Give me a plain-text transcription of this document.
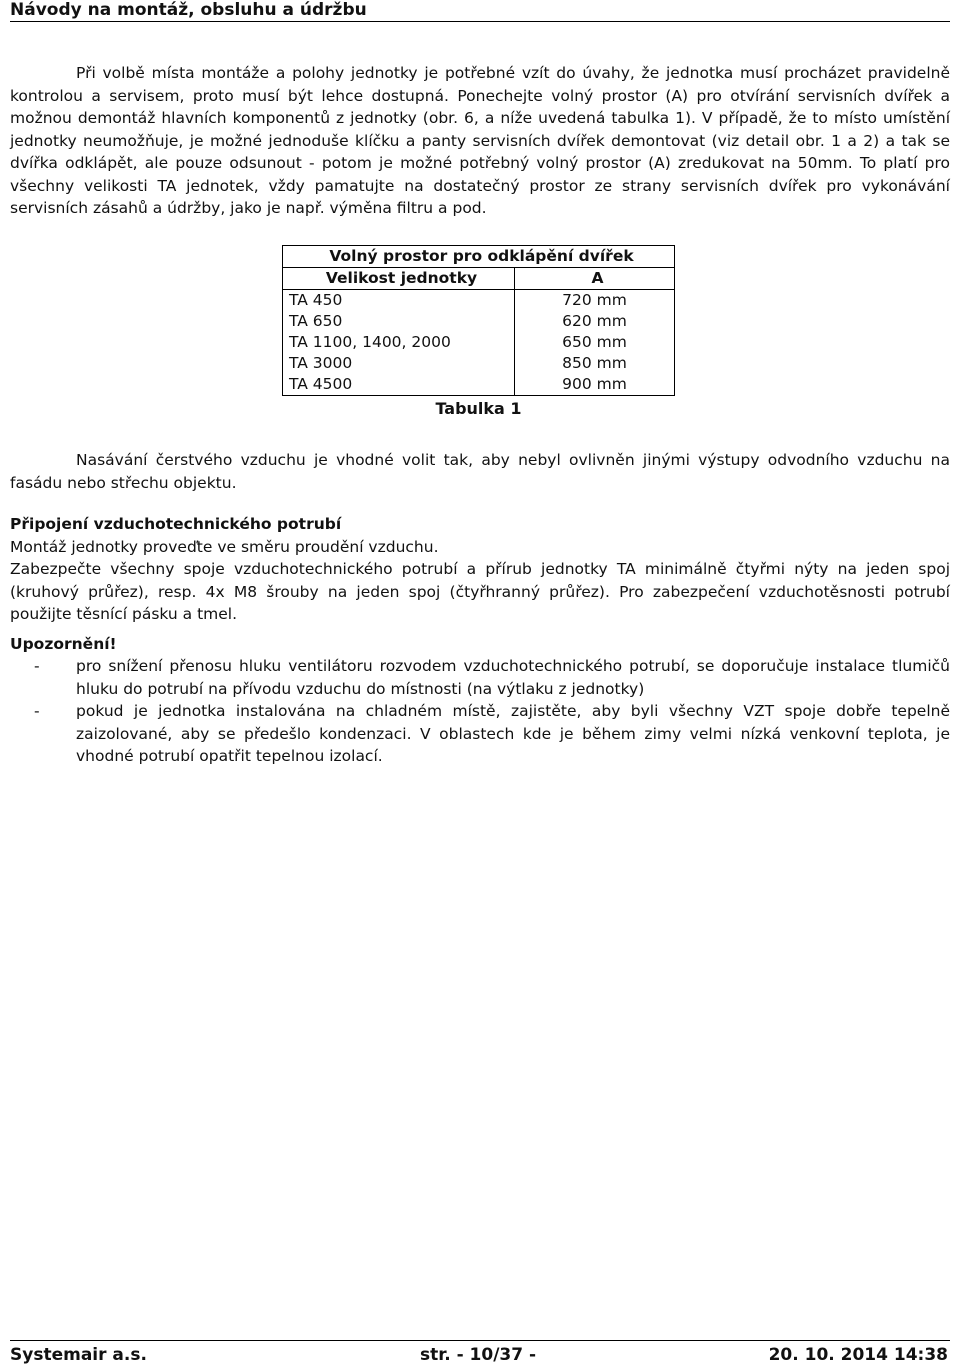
Návody na montáž, obsluhu a údržbu

Při volbě místa montáže a polohy jednotky je potřebné vzít do úvahy, že jednotka musí procházet pravidelně kontrolou a servisem, proto musí být lehce dostupná. Ponechejte volný prostor (A) pro otvírání servisních dvířek a možnou demontáž hlavních komponentů z jednotky (obr. 6, a níže uvedená tabulka 1). V případě, že to místo umístění jednotky neumožňuje, je možné jednoduše klíčku a panty servisních dvířek demontovat (viz detail obr. 1 a 2) a tak se dvířka odklápět, ale pouze odsunout - potom je možné potřebný volný prostor (A) zredukovat na 50mm. To platí pro všechny velikosti TA jednotek, vždy pamatujte na dostatečný prostor ze strany servisních dvířek pro vykonávání servisních zásahů a údržby, jako je např. výměna filtru a pod.

Volný prostor pro odklápění dvířek	
Velikost jednotky	A
TA 450	720 mm
TA 650	620 mm
TA 1100, 1400, 2000	650 mm
TA 3000	850 mm
TA 4500	900 mm
Tabulka 1

Nasávání čerstvého vzduchu je vhodné volit tak, aby nebyl ovlivněn jinými výstupy odvodního vzduchu na fasádu nebo střechu objektu.

Připojení vzduchotechnického potrubí

Montáž jednotky proveďte ve směru proudění vzduchu.

Zabezpečte všechny spoje vzduchotechnického potrubí a přírub jednotky TA minimálně čtyřmi nýty na jeden spoj (kruhový průřez), resp. 4x M8 šrouby na jeden spoj (čtyřhranný průřez). Pro zabezpečení vzduchotěsnosti potrubí použijte těsnící pásku a tmel.

Upozornění!

- pro snížení přenosu hluku ventilátoru rozvodem vzduchotechnického potrubí, se doporučuje instalace tlumičů hluku do potrubí na přívodu vzduchu do místnosti (na výtlaku z jednotky)
- pokud je jednotka instalována na chladném místě, zajistěte, aby byli všechny VZT spoje dobře tepelně zaizolované, aby se předešlo kondenzaci. V oblastech kde je během zimy velmi nízká venkovní teplota, je vhodné potrubí opatřit tepelnou izolací.
Systemair a.s.	str. - 10/37 -	20. 10. 2014 14:38
